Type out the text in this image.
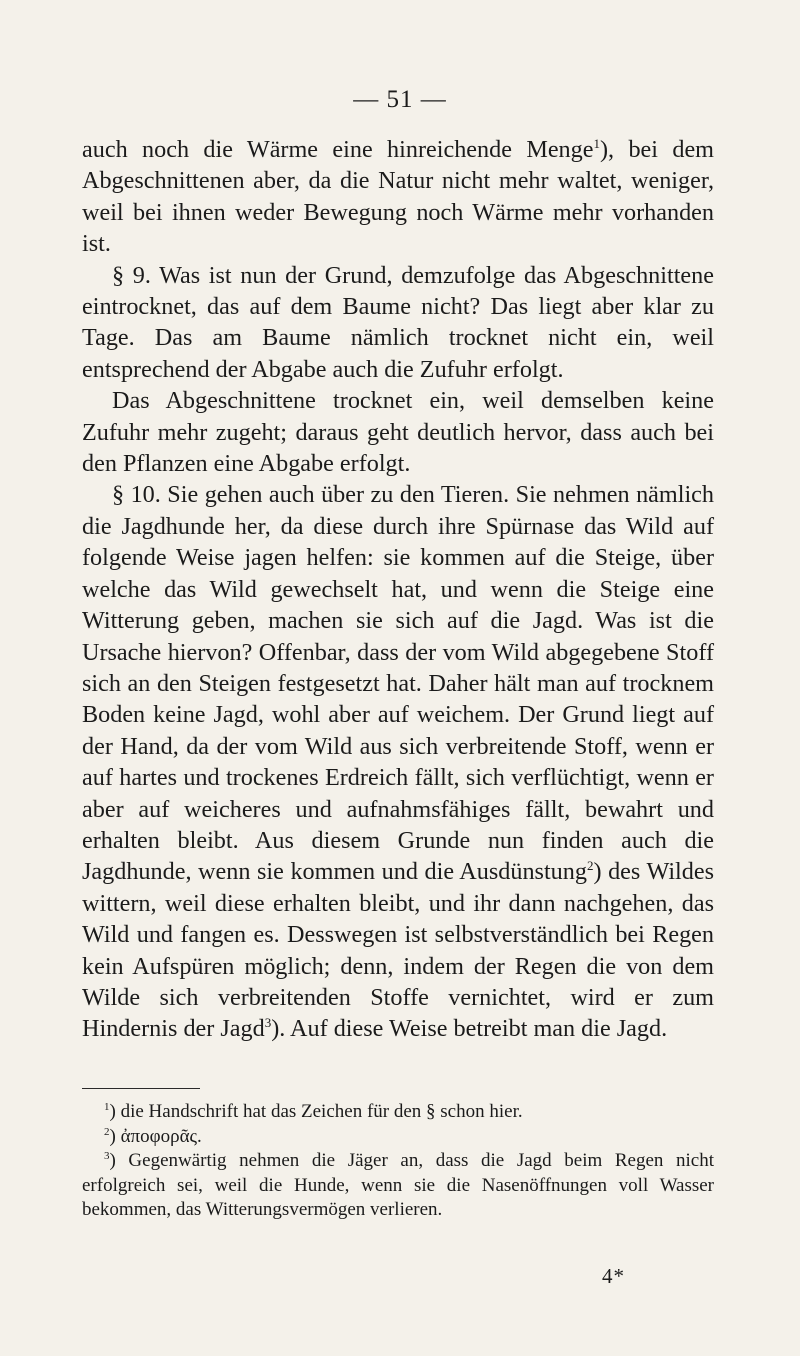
— 51 —

auch noch die Wärme eine hinreichende Menge$^1$), bei dem Abgeschnittenen aber, da die Natur nicht mehr waltet, weniger, weil bei ihnen weder Bewegung noch Wärme mehr vorhanden ist.

§ 9. Was ist nun der Grund, demzufolge das Abgeschnittene eintrocknet, das auf dem Baume nicht? Das liegt aber klar zu Tage. Das am Baume nämlich trocknet nicht ein, weil entsprechend der Abgabe auch die Zufuhr erfolgt.

Das Abgeschnittene trocknet ein, weil demselben keine Zufuhr mehr zugeht; daraus geht deutlich hervor, dass auch bei den Pflanzen eine Abgabe erfolgt.

§ 10. Sie gehen auch über zu den Tieren. Sie nehmen nämlich die Jagdhunde her, da diese durch ihre Spürnase das Wild auf folgende Weise jagen helfen: sie kommen auf die Steige, über welche das Wild gewechselt hat, und wenn die Steige eine Witterung geben, machen sie sich auf die Jagd. Was ist die Ursache hiervon? Offenbar, dass der vom Wild abgegebene Stoff sich an den Steigen festgesetzt hat. Daher hält man auf trocknem Boden keine Jagd, wohl aber auf weichem. Der Grund liegt auf der Hand, da der vom Wild aus sich verbreitende Stoff, wenn er auf hartes und trockenes Erdreich fällt, sich verflüchtigt, wenn er aber auf weicheres und aufnahmsfähiges fällt, bewahrt und erhalten bleibt. Aus diesem Grunde nun finden auch die Jagdhunde, wenn sie kommen und die Ausdünstung$^2$) des Wildes wittern, weil diese erhalten bleibt, und ihr dann nachgehen, das Wild und fangen es. Desswegen ist selbstverständlich bei Regen kein Aufspüren möglich; denn, indem der Regen die von dem Wilde sich verbreitenden Stoffe vernichtet, wird er zum Hindernis der Jagd$^3$). Auf diese Weise betreibt man die Jagd.

$^1$) die Handschrift hat das Zeichen für den § schon hier.

$^2$) ἀποφορᾶς.

$^3$) Gegenwärtig nehmen die Jäger an, dass die Jagd beim Regen nicht erfolgreich sei, weil die Hunde, wenn sie die Nasenöffnungen voll Wasser bekommen, das Witterungsvermögen verlieren.

4*
